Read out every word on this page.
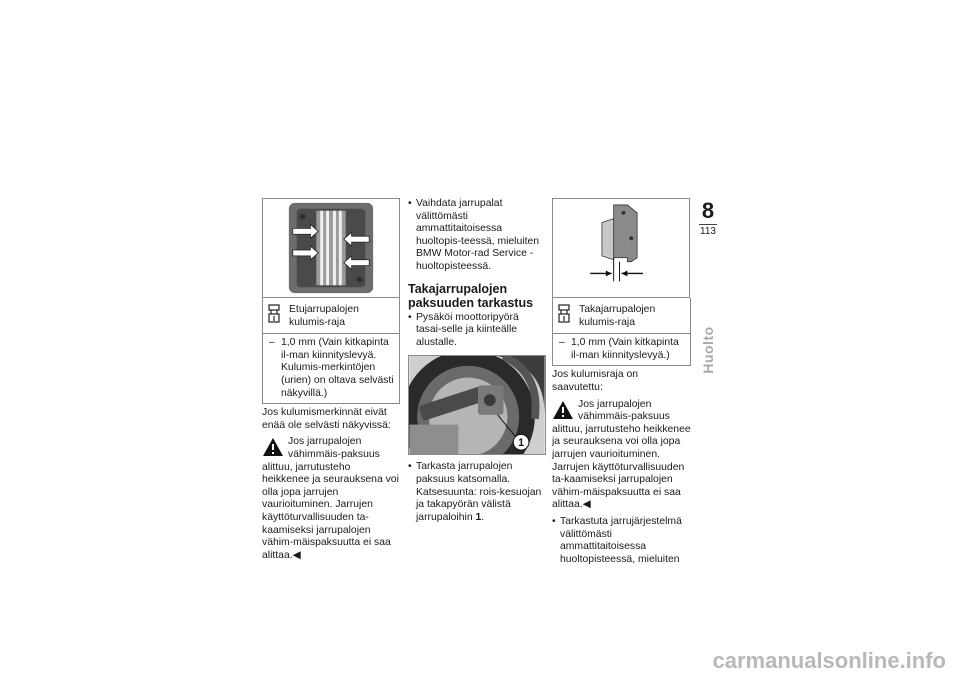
Etujarrupalojen kulumis-raja
– 1,0 mm (Vain kitkapinta il-man kiinnityslevyä. Kulumis-merkintöjen (urien) on oltava selvästi näkyvillä.)

Jos kulumismerkinnät eivät enää ole selvästi näkyvissä:

Jos jarrupalojen vähimmäis-paksuus alittuu, jarrutusteho heikkenee ja seurauksena voi olla jopa jarrujen vaurioituminen. Jarrujen käyttöturvallisuuden ta-kaamiseksi jarrupalojen vähim-mäispaksuutta ei saa alittaa.◀
• Vaihdata jarrupalat välittömästi ammattitaitoisessa huoltopis-teessä, mieluiten BMW Motor-rad Service -huoltopisteessä.
Takajarrupalojen paksuuden tarkastus
• Pysäköi moottoripyörä tasai-selle ja kiinteälle alustalle.
1
• Tarkasta jarrupalojen paksuus katsomalla. Katsesuunta: rois-kesuojan ja takapyörän välistä jarrupaloihin 1.
Takajarrupalojen kulumis-raja
– 1,0 mm (Vain kitkapinta il-man kiinnityslevyä.)

Jos kulumisraja on saavutettu:

Jos jarrupalojen vähimmäis-paksuus alittuu, jarrutusteho heikkenee ja seurauksena voi olla jopa jarrujen vaurioituminen. Jarrujen käyttöturvallisuuden ta-kaamiseksi jarrupalojen vähim-mäispaksuutta ei saa alittaa.◀
• Tarkastuta jarrujärjestelmä välittömästi ammattitaitoisessa huoltopisteessä, mieluiten
8
113
Huolto
carmanualsonline.info
